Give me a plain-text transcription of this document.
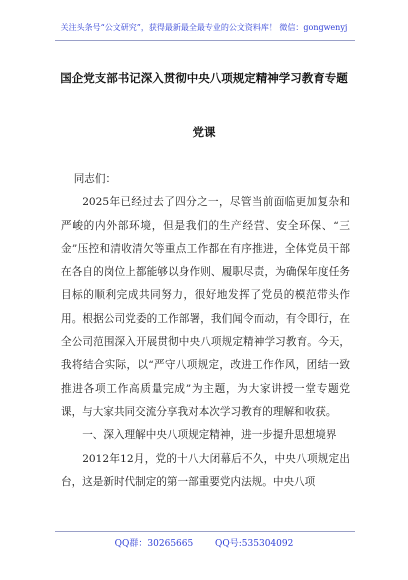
关注头条号“公文研究”，获得最新最全最专业的公文资料库！ 微信：gongwenyj
国企党支部书记深入贯彻中央八项规定精神学习教育专题
党课

同志们：

2025年已经过去了四分之一，尽管当前面临更加复杂和严峻的内外部环境，但是我们的生产经营、安全环保、“三金”压控和清收清欠等重点工作都在有序推进，全体党员干部在各自的岗位上都能够以身作则、履职尽责，为确保年度任务目标的顺利完成共同努力，很好地发挥了党员的模范带头作用。根据公司党委的工作部署，我们闻令而动，有令即行，在全公司范围深入开展贯彻中央八项规定精神学习教育。今天，我将结合实际，以“严守八项规定，改进工作作风，团结一致推进各项工作高质量完成”为主题，为大家讲授一堂专题党课，与大家共同交流分享我对本次学习教育的理解和收获。

一、深入理解中央八项规定精神，进一步提升思想境界

2012年12月，党的十八大闭幕后不久，中央八项规定出台，这是新时代制定的第一部重要党内法规。中央八项

QQ群：30265665 QQ号:535304092
